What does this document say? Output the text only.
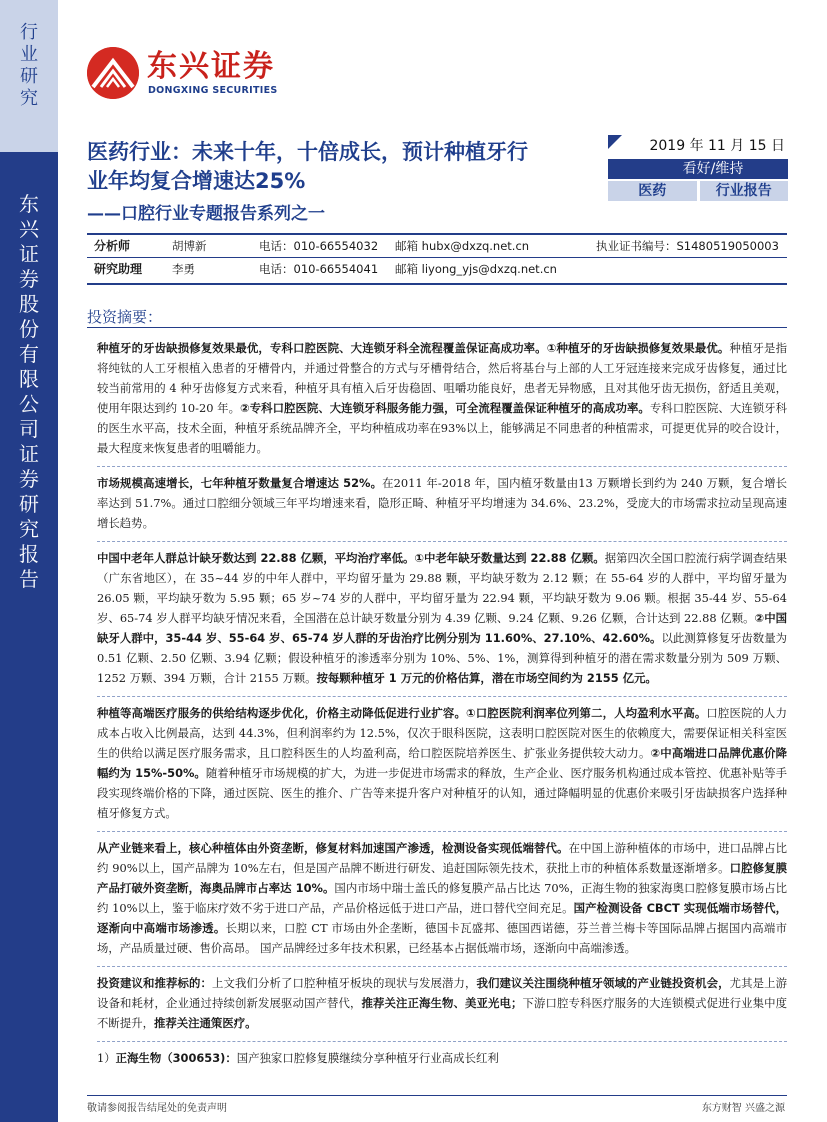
行
业
研
究
东
兴
证
券
股
份
有
限
公
司
证
券
研
究
报
告
东兴证券
DONGXING SECURITIES
医药行业：未来十年，十倍成长，预计种植牙行业年均复合增速达25%
——口腔行业专题报告系列之一
2019 年 11 月 15 日
看好/维持
医药	行业报告
分析师	胡博新	电话：010-66554032 邮箱 hubx@dxzq.net.cn	执业证书编号：S1480519050003
研究助理	李勇	电话：010-66554041 邮箱 liyong_yjs@dxzq.net.cn
投资摘要：

种植牙的牙齿缺损修复效果最优，专科口腔医院、大连锁牙科全流程覆盖保证高成功率。①种植牙的牙齿缺损修复效果最优。种植牙是指将纯钛的人工牙根植入患者的牙槽骨内，并通过骨整合的方式与牙槽骨结合，然后将基台与上部的人工牙冠连接来完成牙齿修复，通过比较当前常用的 4 种牙齿修复方式来看，种植牙具有植入后牙齿稳固、咀嚼功能良好，患者无异物感，且对其他牙齿无损伤，舒适且美观，使用年限达到约 10-20 年。②专科口腔医院、大连锁牙科服务能力强，可全流程覆盖保证种植牙的高成功率。专科口腔医院、大连锁牙科的医生水平高，技术全面，种植牙系统品牌齐全，平均种植成功率在93%以上，能够满足不同患者的种植需求，可提更优异的咬合设计，最大程度来恢复患者的咀嚼能力。

市场规模高速增长，七年种植牙数量复合增速达 52%。在2011 年-2018 年，国内植牙数量由13 万颗增长到约为 240 万颗，复合增长率达到 51.7%。通过口腔细分领域三年平均增速来看，隐形正畸、种植牙平均增速为 34.6%、23.2%，受庞大的市场需求拉动呈现高速增长趋势。

中国中老年人群总计缺牙数达到 22.88 亿颗，平均治疗率低。①中老年缺牙数量达到 22.88 亿颗。据第四次全国口腔流行病学调查结果（广东省地区），在 35~44 岁的中年人群中，平均留牙量为 29.88 颗，平均缺牙数为 2.12 颗；在 55-64 岁的人群中，平均留牙量为 26.05 颗，平均缺牙数为 5.95 颗；65 岁~74 岁的人群中，平均留牙量为 22.94 颗，平均缺牙数为 9.06 颗。根据 35-44 岁、55-64 岁、65-74 岁人群平均缺牙情况来看，全国潜在总计缺牙数量分别为 4.39 亿颗、9.24 亿颗、9.26 亿颗，合计达到 22.88 亿颗。②中国缺牙人群中，35-44 岁、55-64 岁、65-74 岁人群的牙齿治疗比例分别为 11.60%、27.10%、42.60%。以此测算修复牙齿数量为 0.51 亿颗、2.50 亿颗、3.94 亿颗；假设种植牙的渗透率分别为 10%、5%、1%，测算得到种植牙的潜在需求数量分别为 509 万颗、1252 万颗、394 万颗，合计 2155 万颗。按每颗种植牙 1 万元的价格估算，潜在市场空间约为 2155 亿元。

种植等高端医疗服务的供给结构逐步优化，价格主动降低促进行业扩容。①口腔医院利润率位列第二，人均盈利水平高。口腔医院的人力成本占收入比例最高，达到 44.3%，但利润率约为 12.5%，仅次于眼科医院，这表明口腔医院对医生的依赖度大，需要保证相关科室医生的供给以满足医疗服务需求，且口腔科医生的人均盈利高，给口腔医院培养医生、扩张业务提供较大动力。②中高端进口品牌优惠价降幅约为 15%-50%。随着种植牙市场规模的扩大，为进一步促进市场需求的释放，生产企业、医疗服务机构通过成本管控、优惠补贴等手段实现终端价格的下降，通过医院、医生的推介、广告等来提升客户对种植牙的认知，通过降幅明显的优惠价来吸引牙齿缺损客户选择种植牙修复方式。

从产业链来看上，核心种植体由外资垄断，修复材料加速国产渗透，检测设备实现低端替代。在中国上游种植体的市场中，进口品牌占比约 90%以上，国产品牌为 10%左右，但是国产品牌不断进行研发、追赶国际领先技术，获批上市的种植体系数量逐渐增多。口腔修复膜产品打破外资垄断，海奥品牌市占率达 10%。国内市场中瑞士盖氏的修复膜产品占比达 70%，正海生物的独家海奥口腔修复膜市场占比约 10%以上，鉴于临床疗效不劣于进口产品，产品价格远低于进口产品，进口替代空间充足。国产检测设备 CBCT 实现低端市场替代，逐渐向中高端市场渗透。长期以来，口腔 CT 市场由外企垄断，德国卡瓦盛邦、德国西诺德，芬兰普兰梅卡等国际品牌占据国内高端市场，产品质量过硬、售价高昂。 国产品牌经过多年技术积累，已经基本占据低端市场，逐渐向中高端渗透。

投资建议和推荐标的：上文我们分析了口腔种植牙板块的现状与发展潜力，我们建议关注围绕种植牙领域的产业链投资机会，尤其是上游设备和耗材，企业通过持续创新发展驱动国产替代，推荐关注正海生物、美亚光电；下游口腔专科医疗服务的大连锁模式促进行业集中度不断提升，推荐关注通策医疗。

1）正海生物（300653)：国产独家口腔修复膜继续分享种植牙行业高成长红利

敬请参阅报告结尾处的免责声明	东方财智 兴盛之源
